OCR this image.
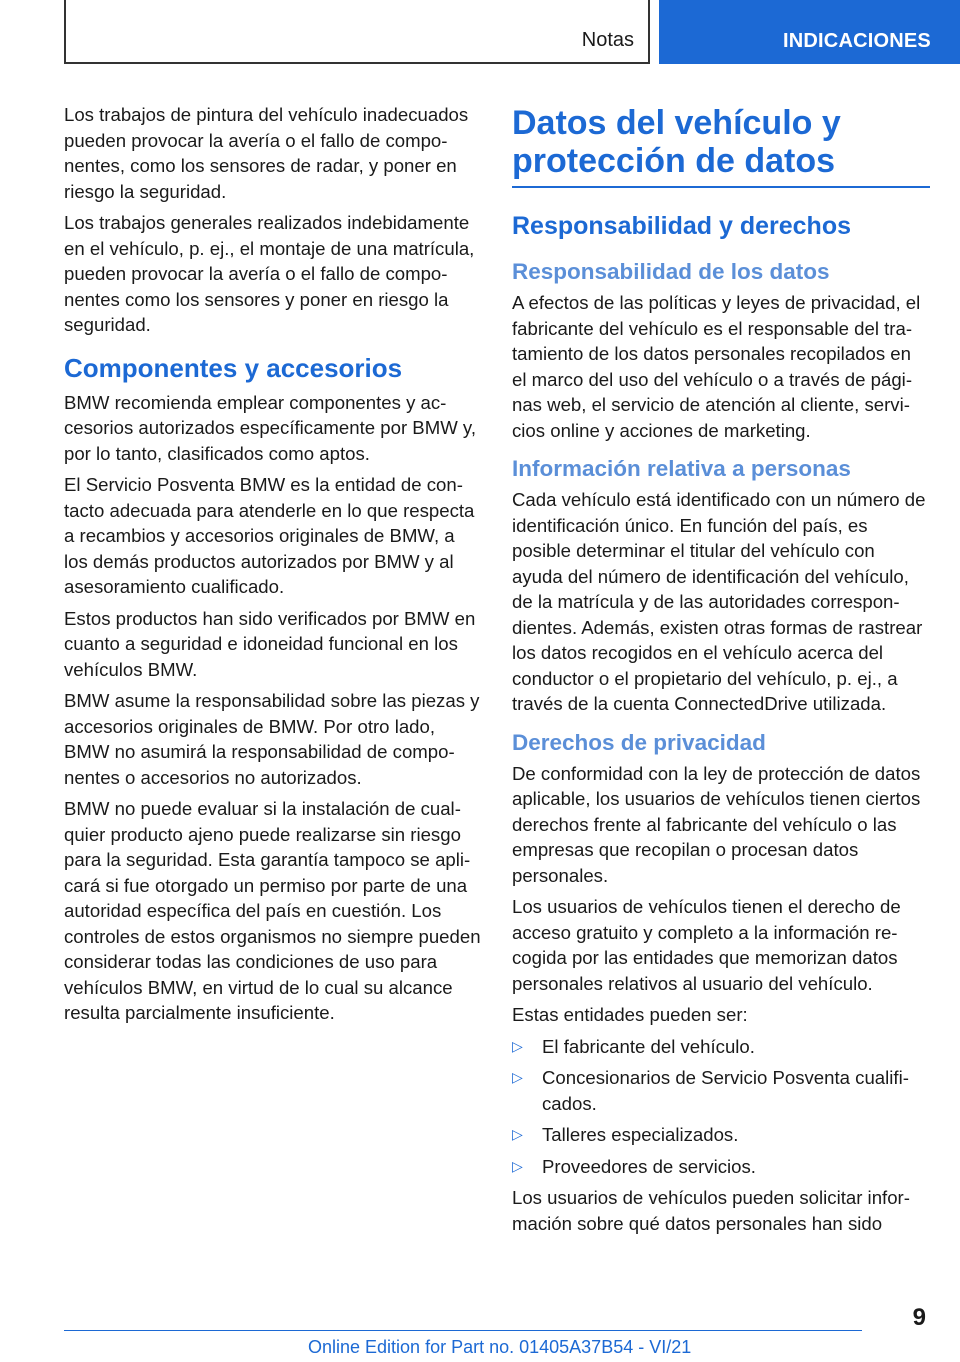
Notas	INDICACIONES

Los trabajos de pintura del vehículo inadecuados pueden provocar la avería o el fallo de componentes, como los sensores de radar, y poner en riesgo la seguridad.

Los trabajos generales realizados indebidamente en el vehículo, p. ej., el montaje de una matrícula, pueden provocar la avería o el fallo de componentes como los sensores y poner en riesgo la seguridad.

Componentes y accesorios

BMW recomienda emplear componentes y accesorios autorizados específicamente por BMW y, por lo tanto, clasificados como aptos.

El Servicio Posventa BMW es la entidad de contacto adecuada para atenderle en lo que respecta a recambios y accesorios originales de BMW, a los demás productos autorizados por BMW y al asesoramiento cualificado.

Estos productos han sido verificados por BMW en cuanto a seguridad e idoneidad funcional en los vehículos BMW.

BMW asume la responsabilidad sobre las piezas y accesorios originales de BMW. Por otro lado, BMW no asumirá la responsabilidad de componentes o accesorios no autorizados.

BMW no puede evaluar si la instalación de cualquier producto ajeno puede realizarse sin riesgo para la seguridad. Esta garantía tampoco se aplicará si fue otorgado un permiso por parte de una autoridad específica del país en cuestión. Los controles de estos organismos no siempre pueden considerar todas las condiciones de uso para vehículos BMW, en virtud de lo cual su alcance resulta parcialmente insuficiente.

Datos del vehículo y protección de datos
Responsabilidad y derechos
Responsabilidad de los datos

A efectos de las políticas y leyes de privacidad, el fabricante del vehículo es el responsable del tratamiento de los datos personales recopilados en el marco del uso del vehículo o a través de páginas web, el servicio de atención al cliente, servicios online y acciones de marketing.

Información relativa a personas

Cada vehículo está identificado con un número de identificación único. En función del país, es posible determinar el titular del vehículo con ayuda del número de identificación del vehículo, de la matrícula y de las autoridades correspondientes. Además, existen otras formas de rastrear los datos recogidos en el vehículo acerca del conductor o el propietario del vehículo, p. ej., a través de la cuenta ConnectedDrive utilizada.

Derechos de privacidad

De conformidad con la ley de protección de datos aplicable, los usuarios de vehículos tienen ciertos derechos frente al fabricante del vehículo o las empresas que recopilan o procesan datos personales.

Los usuarios de vehículos tienen el derecho de acceso gratuito y completo a la información recogida por las entidades que memorizan datos personales relativos al usuario del vehículo.

Estas entidades pueden ser:

▷ El fabricante del vehículo.
▷ Concesionarios de Servicio Posventa cualificados.
▷ Talleres especializados.
▷ Proveedores de servicios.

Los usuarios de vehículos pueden solicitar información sobre qué datos personales han sido

9
Online Edition for Part no. 01405A37B54 - VI/21
